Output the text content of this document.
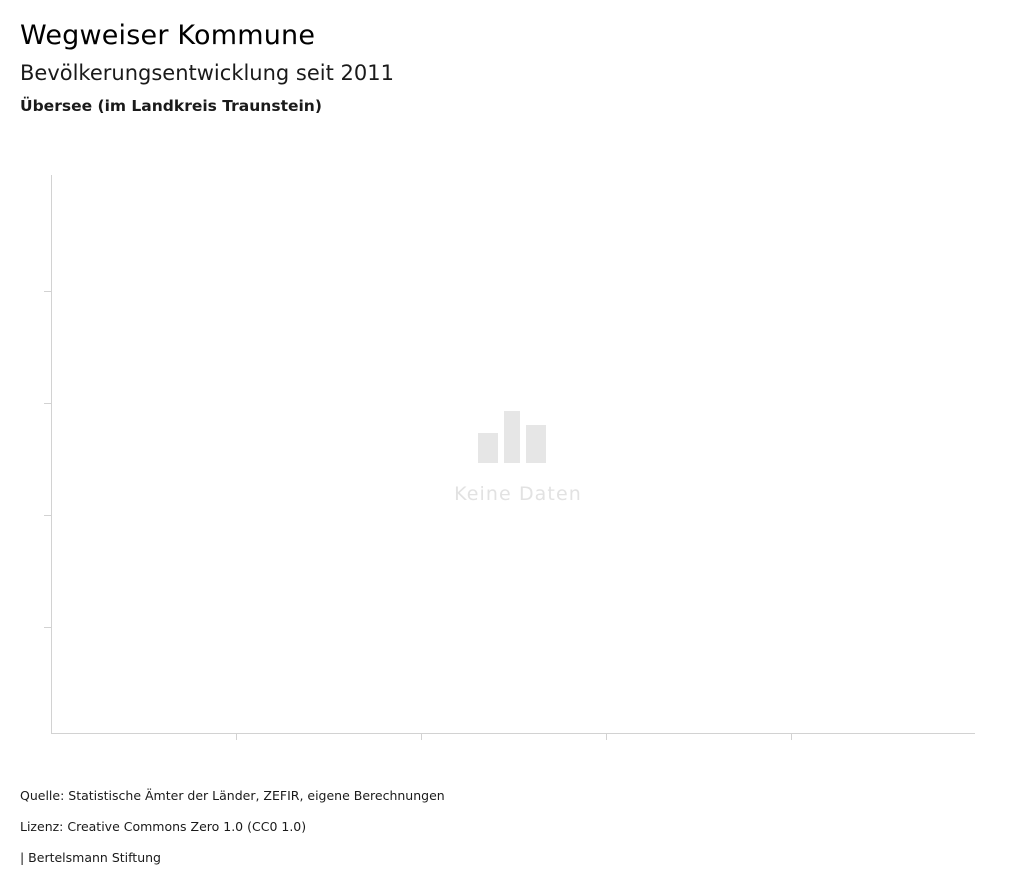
Wegweiser Kommune
Bevölkerungsentwicklung seit 2011
Übersee (im Landkreis Traunstein)
Keine Daten
Quelle: Statistische Ämter der Länder, ZEFIR, eigene Berechnungen
Lizenz: Creative Commons Zero 1.0 (CC0 1.0)
| Bertelsmann Stiftung
